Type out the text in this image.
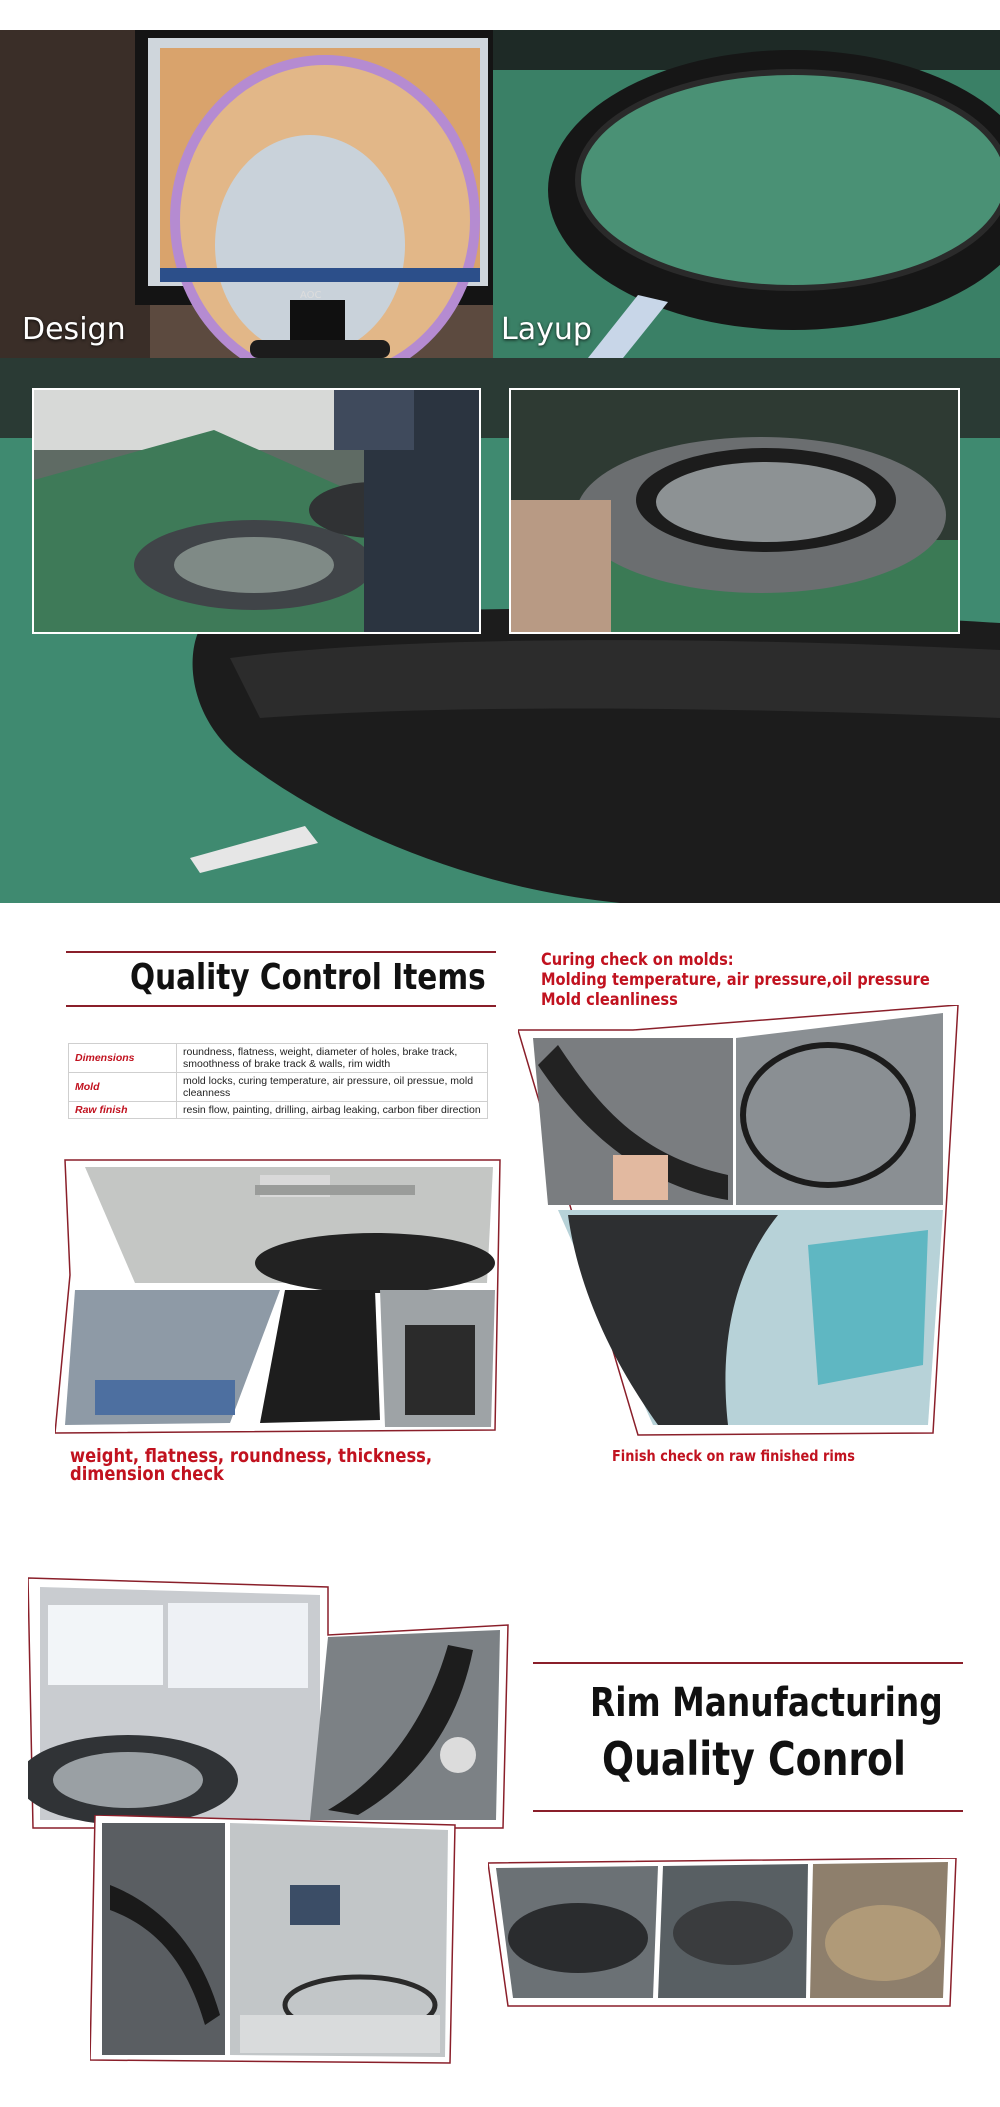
AOC
Design	Layup
Quality Control Items
Dimensions	roundness, flatness, weight, diameter of holes, brake track, smoothness of brake track & walls, rim width
Mold	mold locks, curing temperature, air pressure, oil pressue, mold cleanness
Raw finish	resin flow, painting, drilling, airbag leaking, carbon fiber direction
Curing check on molds:
Molding temperature, air pressure,oil pressure
Mold cleanliness
weight, flatness, roundness, thickness, dimension check
Finish check on raw finished rims
Rim Manufacturing
Quality Conrol
